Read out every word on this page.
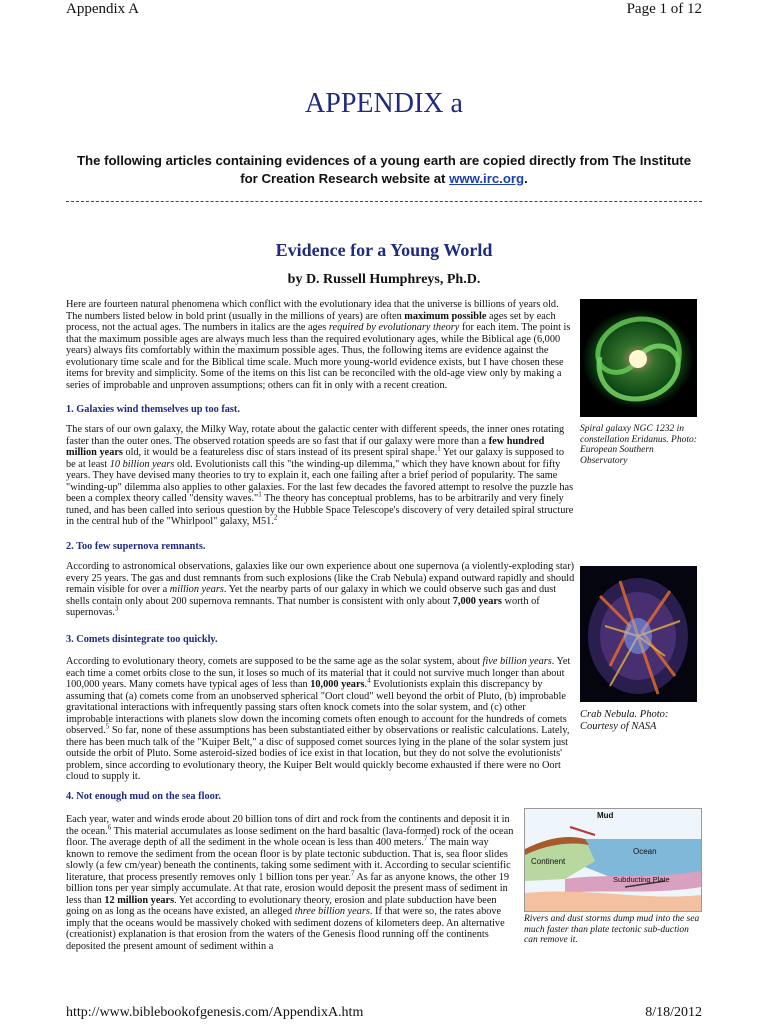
Appendix A	Page 1 of 12
APPENDIX a
The following articles containing evidences of a young earth are copied directly from The Institute for Creation Research website at www.irc.org.
Evidence for a Young World
by D. Russell Humphreys, Ph.D.
Here are fourteen natural phenomena which conflict with the evolutionary idea that the universe is billions of years old. The numbers listed below in bold print (usually in the millions of years) are often maximum possible ages set by each process, not the actual ages. The numbers in italics are the ages required by evolutionary theory for each item. The point is that the maximum possible ages are always much less than the required evolutionary ages, while the Biblical age (6,000 years) always fits comfortably within the maximum possible ages. Thus, the following items are evidence against the evolutionary time scale and for the Biblical time scale. Much more young-world evidence exists, but I have chosen these items for brevity and simplicity. Some of the items on this list can be reconciled with the old-age view only by making a series of improbable and unproven assumptions; others can fit in only with a recent creation.
Spiral galaxy NGC 1232 in constellation Eridanus. Photo: European Southern Observatory
1. Galaxies wind themselves up too fast.
The stars of our own galaxy, the Milky Way, rotate about the galactic center with different speeds, the inner ones rotating faster than the outer ones. The observed rotation speeds are so fast that if our galaxy were more than a few hundred million years old, it would be a featureless disc of stars instead of its present spiral shape.$^1$ Yet our galaxy is supposed to be at least 10 billion years old. Evolutionists call this "the winding-up dilemma," which they have known about for fifty years. They have devised many theories to try to explain it, each one failing after a brief period of popularity. The same "winding-up" dilemma also applies to other galaxies. For the last few decades the favored attempt to resolve the puzzle has been a complex theory called "density waves."$^1$ The theory has conceptual problems, has to be arbitrarily and very finely tuned, and has been called into serious question by the Hubble Space Telescope's discovery of very detailed spiral structure in the central hub of the "Whirlpool" galaxy, M51.$^2$
2. Too few supernova remnants.
According to astronomical observations, galaxies like our own experience about one supernova (a violently-exploding star) every 25 years. The gas and dust remnants from such explosions (like the Crab Nebula) expand outward rapidly and should remain visible for over a million years. Yet the nearby parts of our galaxy in which we could observe such gas and dust shells contain only about 200 supernova remnants. That number is consistent with only about 7,000 years worth of supernovas.$^3$
Crab Nebula. Photo: Courtesy of NASA
3. Comets disintegrate too quickly.
According to evolutionary theory, comets are supposed to be the same age as the solar system, about five billion years. Yet each time a comet orbits close to the sun, it loses so much of its material that it could not survive much longer than about 100,000 years. Many comets have typical ages of less than 10,000 years.$^4$ Evolutionists explain this discrepancy by assuming that (a) comets come from an unobserved spherical "Oort cloud" well beyond the orbit of Pluto, (b) improbable gravitational interactions with infrequently passing stars often knock comets into the solar system, and (c) other improbable interactions with planets slow down the incoming comets often enough to account for the hundreds of comets observed.$^5$ So far, none of these assumptions has been substantiated either by observations or realistic calculations. Lately, there has been much talk of the "Kuiper Belt," a disc of supposed comet sources lying in the plane of the solar system just outside the orbit of Pluto. Some asteroid-sized bodies of ice exist in that location, but they do not solve the evolutionists' problem, since according to evolutionary theory, the Kuiper Belt would quickly become exhausted if there were no Oort cloud to supply it.
4. Not enough mud on the sea floor.
Each year, water and winds erode about 20 billion tons of dirt and rock from the continents and deposit it in the ocean.$^6$ This material accumulates as loose sediment on the hard basaltic (lava-formed) rock of the ocean floor. The average depth of all the sediment in the whole ocean is less than 400 meters.$^7$ The main way known to remove the sediment from the ocean floor is by plate tectonic subduction. That is, sea floor slides slowly (a few cm/year) beneath the continents, taking some sediment with it. According to secular scientific literature, that process presently removes only 1 billion tons per year.$^7$ As far as anyone knows, the other 19 billion tons per year simply accumulate. At that rate, erosion would deposit the present mass of sediment in less than 12 million years. Yet according to evolutionary theory, erosion and plate subduction have been going on as long as the oceans have existed, an alleged three billion years. If that were so, the rates above imply that the oceans would be massively choked with sediment dozens of kilometers deep. An alternative (creationist) explanation is that erosion from the waters of the Genesis flood running off the continents deposited the present amount of sediment within a
Mud
Ocean
Continent
Subducting Plate
Rivers and dust storms dump mud into the sea much faster than plate tectonic sub-duction can remove it.
http://www.biblebookofgenesis.com/AppendixA.htm	8/18/2012
